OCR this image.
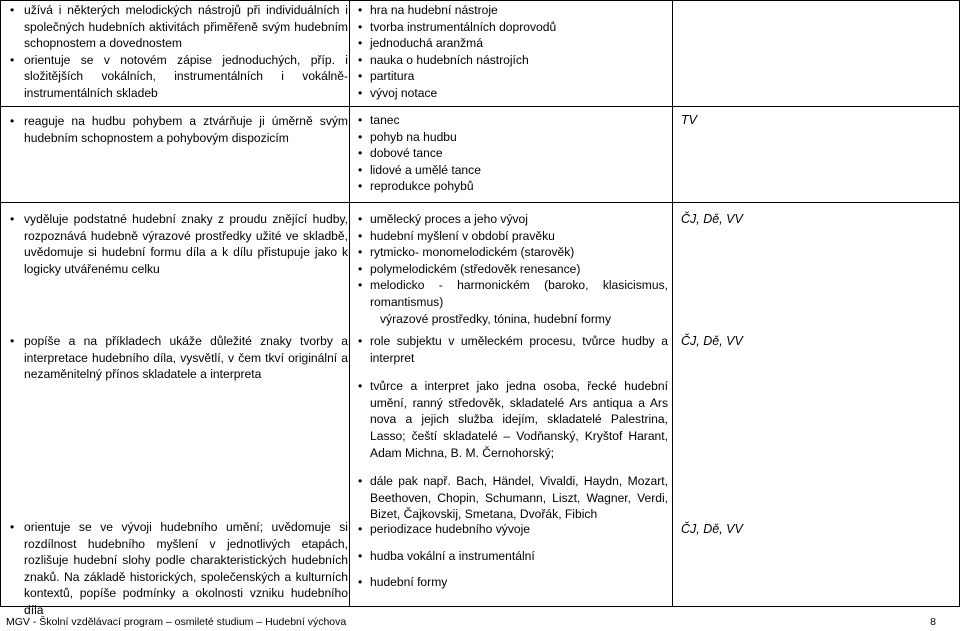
• užívá i některých melodických nástrojů při individuálních i společných hudebních aktivitách přiměřeně svým hudebním schopnostem a dovednostem
• orientuje se v notovém zápise jednoduchých, příp. i složitějších vokálních, instrumentálních i vokálně-instrumentálních skladeb
• hra na hudební nástroje
• tvorba instrumentálních doprovodů
• jednoduchá aranžmá
• nauka o hudebních nástrojích
• partitura
• vývoj notace
• reaguje na hudbu pohybem a ztvárňuje ji úměrně svým hudebním schopnostem a pohybovým dispozicím
• tanec
• pohyb na hudbu
• dobové tance
• lidové a umělé tance
• reprodukce pohybů
TV
• vyděluje podstatné hudební znaky z proudu znějící hudby, rozpoznává hudebně výrazové prostředky užité ve skladbě, uvědomuje si hudební formu díla a k dílu přistupuje jako k logicky utvářenému celku
• popíše a na příkladech ukáže důležité znaky tvorby a interpretace hudebního díla, vysvětlí, v čem tkví originální a nezaměnitelný přínos skladatele a interpreta
• umělecký proces a jeho vývoj
• hudební myšlení v období pravěku
• rytmicko- monomelodickém (starověk)
• polymelodickém (středověk renesance)
• melodicko - harmonickém (baroko, klasicismus, romantismus)
výrazové prostředky, tónina, hudební formy
• role subjektu v uměleckém procesu, tvůrce hudby a interpret
• tvůrce a interpret jako jedna osoba, řecké hudební umění, ranný středověk, skladatelé Ars antiqua a Ars nova a jejich služba idejím, skladatelé Palestrina, Lasso; čeští skladatelé – Vodňanský, Kryštof Harant, Adam Michna, B. M. Černohorský;
• dále pak např. Bach, Händel, Vivaldi, Haydn, Mozart, Beethoven, Chopin, Schumann, Liszt, Wagner, Verdi, Bizet, Čajkovskij, Smetana, Dvořák, Fibich
ČJ, Dě, VV
ČJ, Dě, VV
• orientuje se ve vývoji hudebního umění; uvědomuje si rozdílnost hudebního myšlení v jednotlivých etapách, rozlišuje hudební slohy podle charakteristických hudebních znaků. Na základě historických, společenských a kulturních kontextů, popíše podmínky a okolnosti vzniku hudebního díla
• periodizace hudebního vývoje
• hudba vokální a instrumentální
• hudební formy
ČJ, Dě, VV
MGV - Školní vzdělávací program – osmileté studium – Hudební výchova	8
